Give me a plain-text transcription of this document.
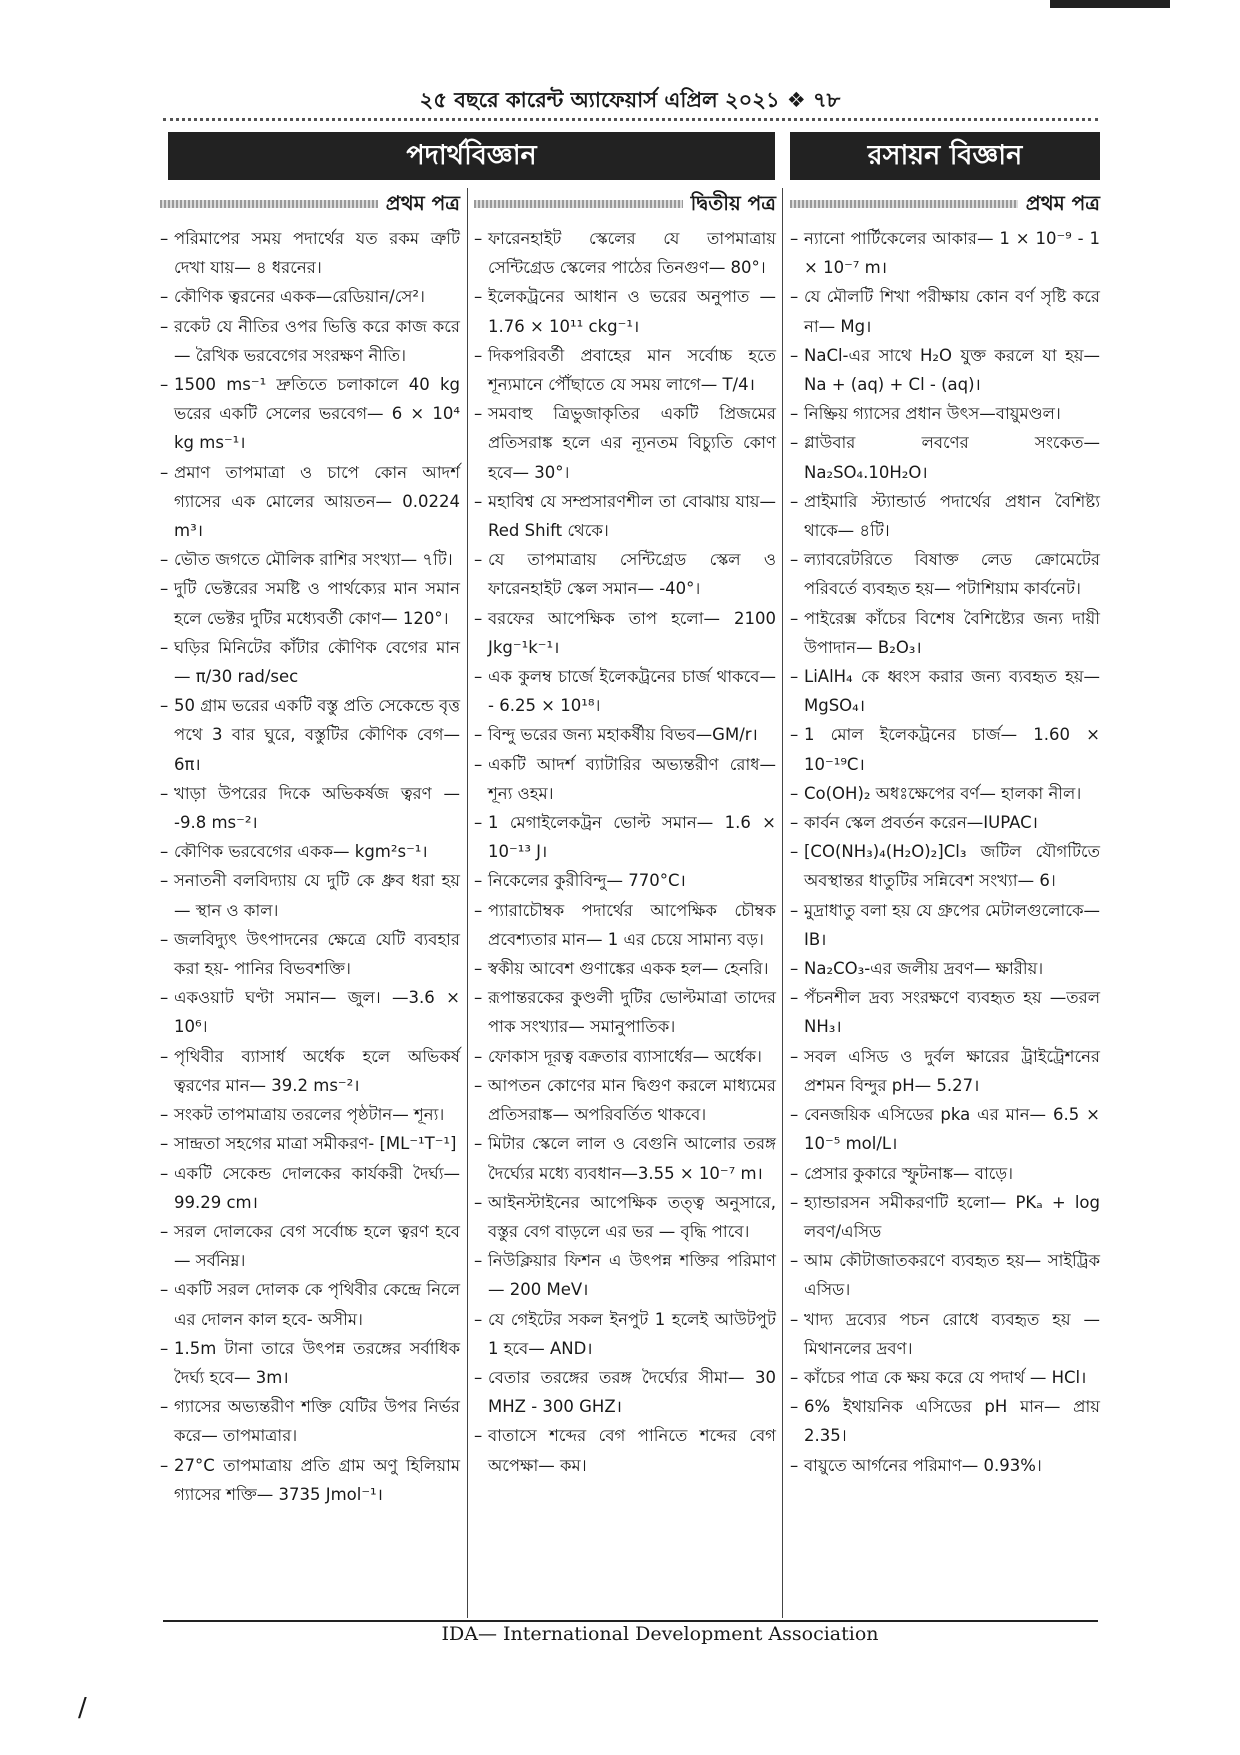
২৫ বছরে কারেন্ট অ্যাফেয়ার্স এপ্রিল ২০২১ ❖ ৭৮
পদার্থবিজ্ঞান	রসায়ন বিজ্ঞান
প্রথম পত্র

– পরিমাপের সময় পদার্থের যত রকম ত্রুটি দেখা যায়— ৪ ধরনের।

– কৌণিক ত্বরনের একক—রেডিয়ান/সে²।

– রকেট যে নীতির ওপর ভিত্তি করে কাজ করে— রৈখিক ভরবেগের সংরক্ষণ নীতি।

– 1500 ms⁻¹ দ্রুতিতে চলাকালে 40 kg ভরের একটি সেলের ভরবেগ— 6 × 10⁴ kg ms⁻¹।

– প্রমাণ তাপমাত্রা ও চাপে কোন আদর্শ গ্যাসের এক মোলের আয়তন— 0.0224 m³।

– ভৌত জগতে মৌলিক রাশির সংখ্যা— ৭টি।

– দুটি ভেক্টরের সমষ্টি ও পার্থক্যের মান সমান হলে ভেক্টর দুটির মধ্যেবর্তী কোণ— 120°।

– ঘড়ির মিনিটের কাঁটার কৌণিক বেগের মান— π/30 rad/sec

– 50 গ্রাম ভরের একটি বস্তু প্রতি সেকেন্ডে বৃত্ত পথে 3 বার ঘুরে, বস্তুটির কৌণিক বেগ— 6π।

– খাড়া উপরের দিকে অভিকর্ষজ ত্বরণ — -9.8 ms⁻²।

– কৌণিক ভরবেগের একক— kgm²s⁻¹।

– সনাতনী বলবিদ্যায় যে দুটি কে ধ্রুব ধরা হয়— স্থান ও কাল।

– জলবিদ্যুৎ উৎপাদনের ক্ষেত্রে যেটি ব্যবহার করা হয়- পানির বিভবশক্তি।

– একওয়াট ঘণ্টা সমান— জুল। —3.6 × 10⁶।

– পৃথিবীর ব্যাসার্ধ অর্ধেক হলে অভিকর্ষ ত্বরণের মান— 39.2 ms⁻²।

– সংকট তাপমাত্রায় তরলের পৃষ্ঠটান— শূন্য।

– সান্দ্রতা সহগের মাত্রা সমীকরণ- [ML⁻¹T⁻¹]

– একটি সেকেন্ড দোলকের কার্যকরী দৈর্ঘ্য— 99.29 cm।

– সরল দোলকের বেগ সর্বোচ্চ হলে ত্বরণ হবে— সর্বনিম্ন।

– একটি সরল দোলক কে পৃথিবীর কেন্দ্রে নিলে এর দোলন কাল হবে- অসীম।

– 1.5m টানা তারে উৎপন্ন তরঙ্গের সর্বাধিক দৈর্ঘ্য হবে— 3m।

– গ্যাসের অভ্যন্তরীণ শক্তি যেটির উপর নির্ভর করে— তাপমাত্রার।

– 27°C তাপমাত্রায় প্রতি গ্রাম অণু হিলিয়াম গ্যাসের শক্তি— 3735 Jmol⁻¹।

দ্বিতীয় পত্র

– ফারেনহাইট স্কেলের যে তাপমাত্রায় সেন্টিগ্রেড স্কেলের পাঠের তিনগুণ— 80°।

– ইলেকট্রনের আধান ও ভরের অনুপাত — 1.76 × 10¹¹ ckg⁻¹।

– দিকপরিবর্তী প্রবাহের মান সর্বোচ্চ হতে শূন্যমানে পৌঁছাতে যে সময় লাগে— T/4।

– সমবাহু ত্রিভুজাকৃতির একটি প্রিজমের প্রতিসরাঙ্ক হলে এর ন্যূনতম বিচ্যুতি কোণ হবে— 30°।

– মহাবিশ্ব যে সম্প্রসারণশীল তা বোঝায় যায়— Red Shift থেকে।

– যে তাপমাত্রায় সেন্টিগ্রেড স্কেল ও ফারেনহাইট স্কেল সমান— -40°।

– বরফের আপেক্ষিক তাপ হলো— 2100 Jkg⁻¹k⁻¹।

– এক কুলম্ব চার্জে ইলেকট্রনের চার্জ থাকবে— - 6.25 × 10¹⁸।

– বিন্দু ভরের জন্য মহাকর্ষীয় বিভব—GM/r।

– একটি আদর্শ ব্যাটারির অভ্যন্তরীণ রোধ— শূন্য ওহম।

– 1 মেগাইলেকট্রন ভোল্ট সমান— 1.6 × 10⁻¹³ J।

– নিকেলের কুরীবিন্দু— 770°C।

– প্যারাচৌম্বক পদার্থের আপেক্ষিক চৌম্বক প্রবেশ্যতার মান— 1 এর চেয়ে সামান্য বড়।

– স্বকীয় আবেশ গুণাঙ্কের একক হল— হেনরি।

– রূপান্তরকের কুণ্ডলী দুটির ভোল্টমাত্রা তাদের পাক সংখ্যার— সমানুপাতিক।

– ফোকাস দূরত্ব বক্রতার ব্যাসার্ধের— অর্ধেক।

– আপতন কোণের মান দ্বিগুণ করলে মাধ্যমের প্রতিসরাঙ্ক— অপরিবর্তিত থাকবে।

– মিটার স্কেলে লাল ও বেগুনি আলোর তরঙ্গ দৈর্ঘ্যের মধ্যে ব্যবধান—3.55 × 10⁻⁷ m।

– আইনস্টাইনের আপেক্ষিক তত্ত্ব অনুসারে, বস্তুর বেগ বাড়লে এর ভর — বৃদ্ধি পাবে।

– নিউক্লিয়ার ফিশন এ উৎপন্ন শক্তির পরিমাণ— 200 MeV।

– যে গেইটের সকল ইনপুট 1 হলেই আউটপুট 1 হবে— AND।

– বেতার তরঙ্গের তরঙ্গ দৈর্ঘ্যের সীমা— 30 MHZ - 300 GHZ।

– বাতাসে শব্দের বেগ পানিতে শব্দের বেগ অপেক্ষা— কম।

প্রথম পত্র

– ন্যানো পার্টিকেলের আকার— 1 × 10⁻⁹ - 1 × 10⁻⁷ m।

– যে মৌলটি শিখা পরীক্ষায় কোন বর্ণ সৃষ্টি করে না— Mg।

– NaCl-এর সাথে H₂O যুক্ত করলে যা হয়— Na + (aq) + Cl - (aq)।

– নিষ্ক্রিয় গ্যাসের প্রধান উৎস—বায়ুমণ্ডল।

– গ্লাউবার লবণের সংকেত— Na₂SO₄.10H₂O।

– প্রাইমারি স্ট্যান্ডার্ড পদার্থের প্রধান বৈশিষ্ট্য থাকে— ৪টি।

– ল্যাবরেটরিতে বিষাক্ত লেড ক্রোমেটের পরিবর্তে ব্যবহৃত হয়— পটাশিয়াম কার্বনেট।

– পাইরেক্স কাঁচের বিশেষ বৈশিষ্ট্যের জন্য দায়ী উপাদান— B₂O₃।

– LiAlH₄ কে ধ্বংস করার জন্য ব্যবহৃত হয়— MgSO₄।

– 1 মোল ইলেকট্রনের চার্জ— 1.60 × 10⁻¹⁹C।

– Co(OH)₂ অধঃক্ষেপের বর্ণ— হালকা নীল।

– কার্বন স্কেল প্রবর্তন করেন—IUPAC।

– [CO(NH₃)₄(H₂O)₂]Cl₃ জটিল যৌগটিতে অবস্থান্তর ধাতুটির সন্নিবেশ সংখ্যা— 6।

– মুদ্রাধাতু বলা হয় যে গ্রুপের মেটালগুলোকে— IB।

– Na₂CO₃-এর জলীয় দ্রবণ— ক্ষারীয়।

– পঁচনশীল দ্রব্য সংরক্ষণে ব্যবহৃত হয় —তরল NH₃।

– সবল এসিড ও দুর্বল ক্ষারের ট্রাইট্রেশনের প্রশমন বিন্দুর pH— 5.27।

– বেনজয়িক এসিডের pka এর মান— 6.5 × 10⁻⁵ mol/L।

– প্রেসার কুকারে স্ফুটনাঙ্ক— বাড়ে।

– হ্যান্ডারসন সমীকরণটি হলো— PKₐ + log লবণ/এসিড

– আম কৌটাজাতকরণে ব্যবহৃত হয়— সাইট্রিক এসিড।

– খাদ্য দ্রব্যের পচন রোধে ব্যবহৃত হয় — মিথানলের দ্রবণ।

– কাঁচের পাত্র কে ক্ষয় করে যে পদার্থ — HCl।

– 6% ইথায়নিক এসিডের pH মান— প্রায় 2.35।

– বায়ুতে আর্গনের পরিমাণ— 0.93%।

IDA— International Development Association
/
